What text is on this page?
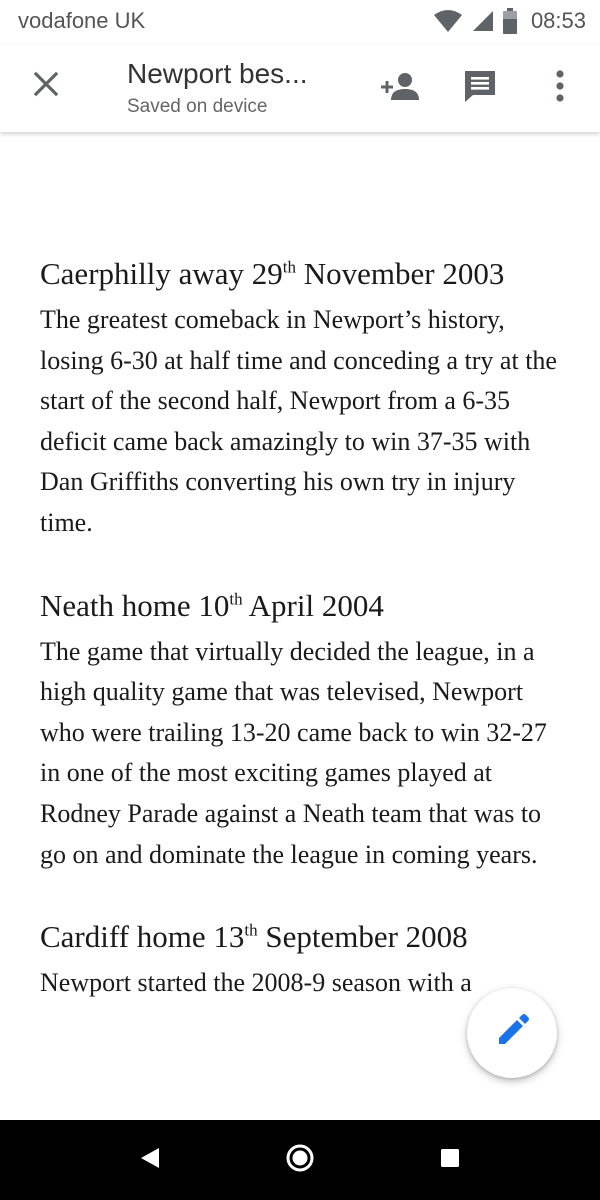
vodafone UK	08:53
Newport bes...
Saved on device
Caerphilly away 29th November 2003

The greatest comeback in Newport’s history, losing 6-30 at half time and conceding a try at the start of the second half, Newport from a 6-35 deficit came back amazingly to win 37-35 with Dan Griffiths converting his own try in injury time.

Neath home 10th April 2004

The game that virtually decided the league, in a high quality game that was televised, Newport who were trailing 13-20 came back to win 32-27 in one of the most exciting games played at Rodney Parade against a Neath team that was to go on and dominate the league in coming years.

Cardiff home 13th September 2008

Newport started the 2008-9 season with a
